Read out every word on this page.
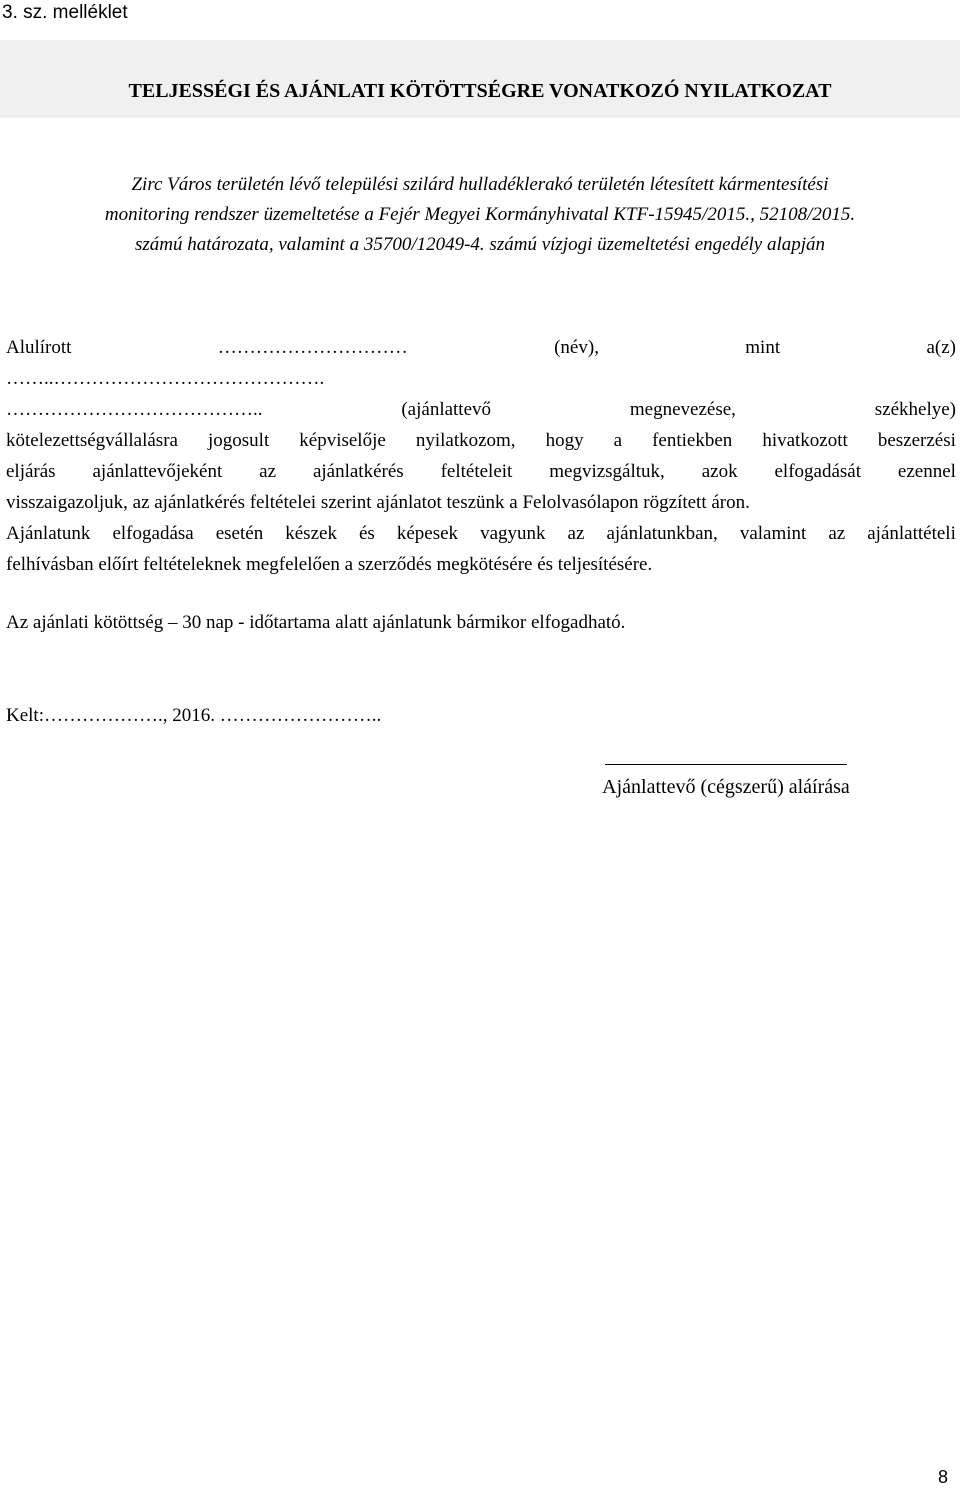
3. sz. melléklet
TELJESSÉGI ÉS AJÁNLATI KÖTÖTTSÉGRE VONATKOZÓ NYILATKOZAT
Zirc Város területén lévő települési szilárd hulladéklerakó területén létesített kármentesítési
monitoring rendszer üzemeltetése a Fejér Megyei Kormányhivatal KTF-15945/2015., 52108/2015.
számú határozata, valamint a 35700/12049-4. számú vízjogi üzemeltetési engedély alapján
Alulírott	…………………………	(név),	mint	a(z)
……..…………………………………….
…………………………………..	(ajánlattevő	megnevezése,	székhelye)
kötelezettségvállalásra jogosult képviselője nyilatkozom, hogy a fentiekben hivatkozott beszerzési
eljárás ajánlattevőjeként az ajánlatkérés feltételeit megvizsgáltuk, azok elfogadását ezennel
visszaigazoljuk, az ajánlatkérés feltételei szerint ajánlatot teszünk a Felolvasólapon rögzített áron.
Ajánlatunk elfogadása esetén készek és képesek vagyunk az ajánlatunkban, valamint az ajánlattételi
felhívásban előírt feltételeknek megfelelően a szerződés megkötésére és teljesítésére.
Az ajánlati kötöttség – 30 nap - időtartama alatt ajánlatunk bármikor elfogadható.
Kelt:………………., 2016. ……………………..
Ajánlattevő (cégszerű) aláírása
8
